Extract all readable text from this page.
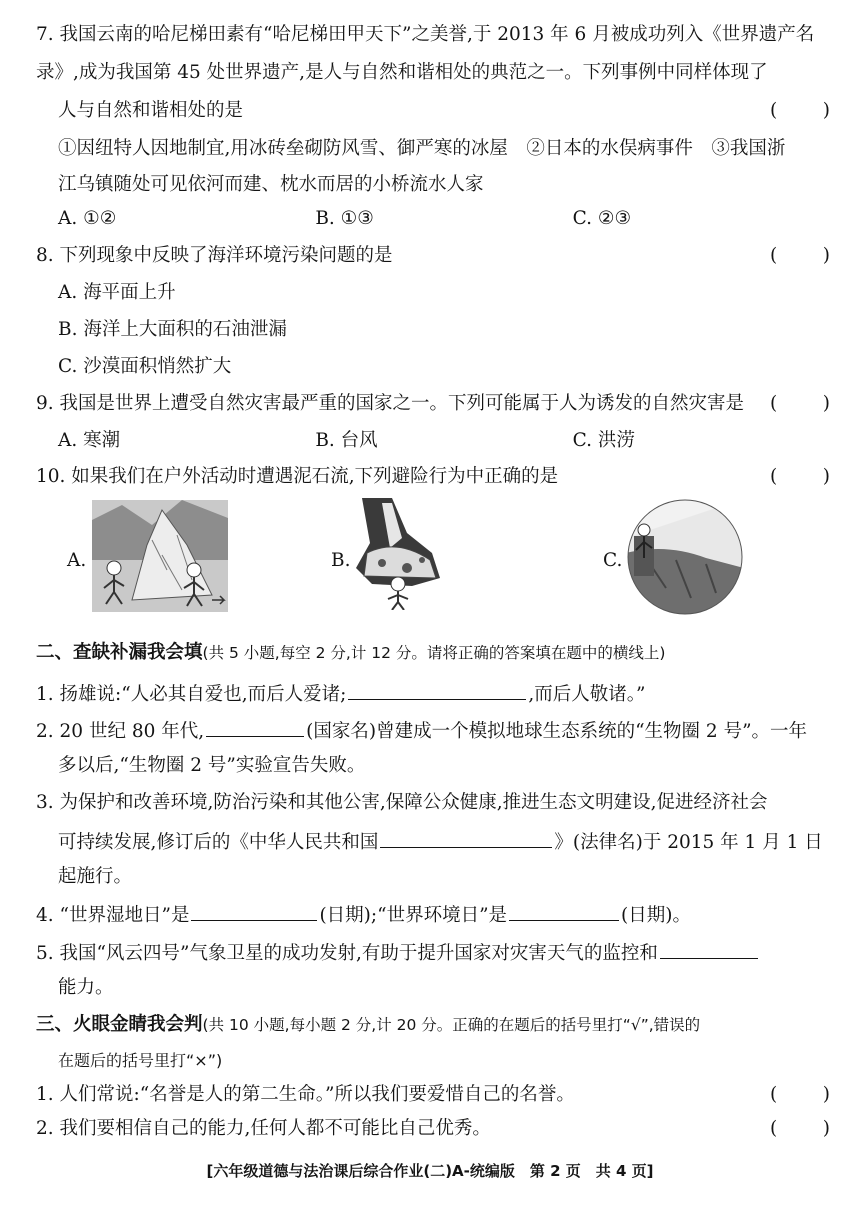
7. 我国云南的哈尼梯田素有“哈尼梯田甲天下”之美誉,于 2013 年 6 月被成功列入《世界遗产名
录》,成为我国第 45 处世界遗产,是人与自然和谐相处的典范之一。下列事例中同样体现了
人与自然和谐相处的是	( )
①因纽特人因地制宜,用冰砖垒砌防风雪、御严寒的冰屋　②日本的水俣病事件　③我国浙
江乌镇随处可见依河而建、枕水而居的小桥流水人家
A. ①②	B. ①③	C. ②③
8. 下列现象中反映了海洋环境污染问题的是	( )
A. 海平面上升
B. 海洋上大面积的石油泄漏
C. 沙漠面积悄然扩大
9. 我国是世界上遭受自然灾害最严重的国家之一。下列可能属于人为诱发的自然灾害是 ( )
A. 寒潮	B. 台风	C. 洪涝
10. 如果我们在户外活动时遭遇泥石流,下列避险行为中正确的是	( )
A.	B.	C.
二、查缺补漏我会填(共 5 小题,每空 2 分,计 12 分。请将正确的答案填在题中的横线上)
1. 扬雄说:“人必其自爱也,而后人爱诸;	,而后人敬诸。”
2. 20 世纪 80 年代,	(国家名)曾建成一个模拟地球生态系统的“生物圈 2 号”。一年
多以后,“生物圈 2 号”实验宣告失败。
3. 为保护和改善环境,防治污染和其他公害,保障公众健康,推进生态文明建设,促进经济社会
可持续发展,修订后的《中华人民共和国	》(法律名)于 2015 年 1 月 1 日
起施行。
4. “世界湿地日”是	(日期);“世界环境日”是	(日期)。
5. 我国“风云四号”气象卫星的成功发射,有助于提升国家对灾害天气的监控和
能力。
三、火眼金睛我会判(共 10 小题,每小题 2 分,计 20 分。正确的在题后的括号里打“√”,错误的
在题后的括号里打“×”)
1. 人们常说:“名誉是人的第二生命。”所以我们要爱惜自己的名誉。	( )
2. 我们要相信自己的能力,任何人都不可能比自己优秀。	( )
[六年级道德与法治课后综合作业(二)A-统编版　第 2 页　共 4 页]
